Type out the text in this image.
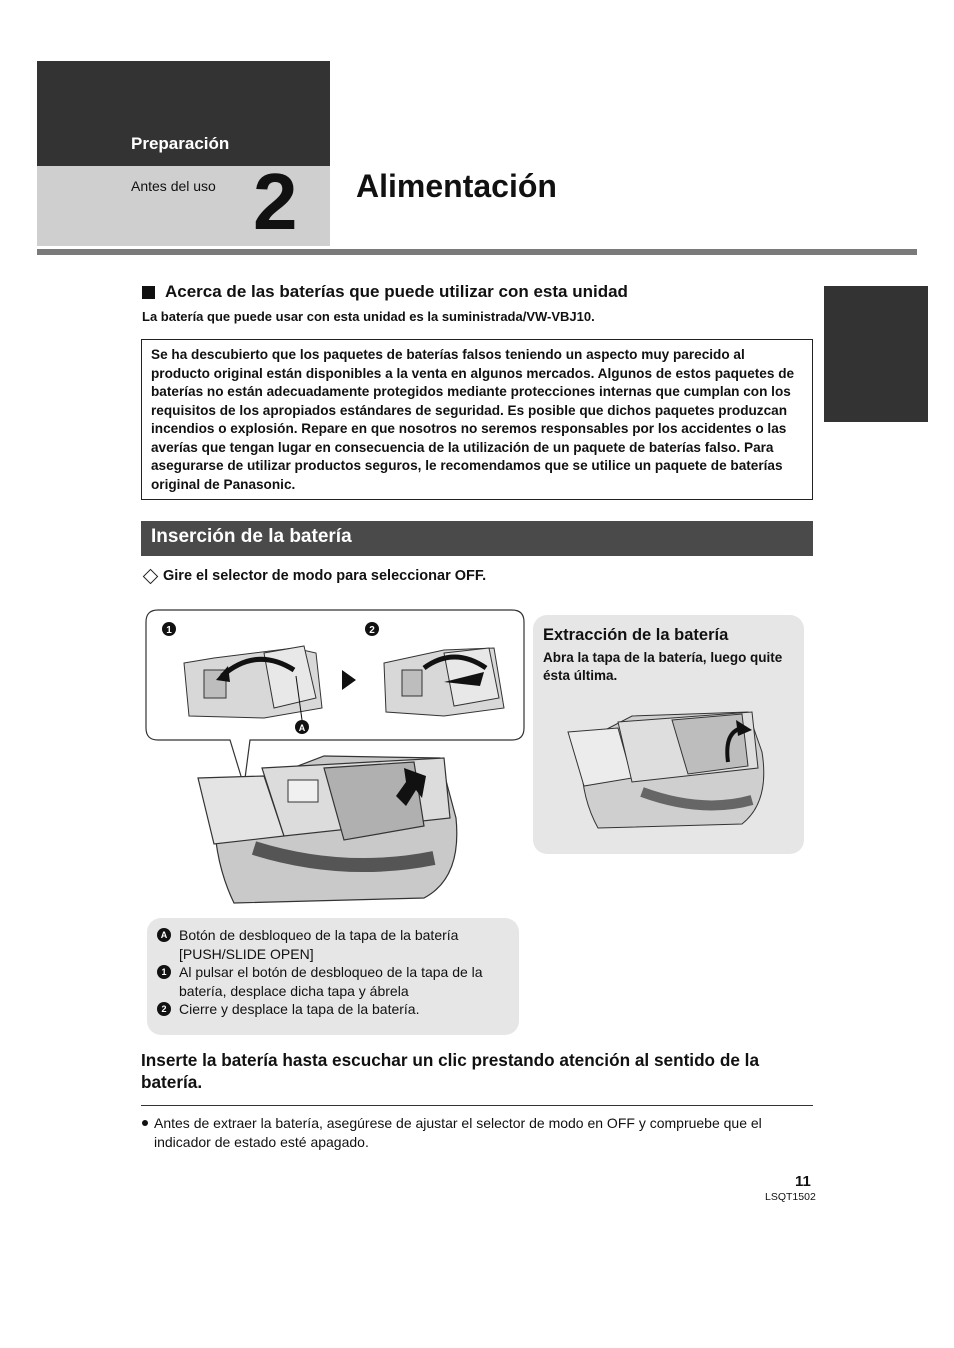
Preparación
Antes del uso 2 Alimentación
Acerca de las baterías que puede utilizar con esta unidad
La batería que puede usar con esta unidad es la suministrada/VW-VBJ10.
Se ha descubierto que los paquetes de baterías falsos teniendo un aspecto muy parecido al producto original están disponibles a la venta en algunos mercados. Algunos de estos paquetes de baterías no están adecuadamente protegidos mediante protecciones internas que cumplan con los requisitos de los apropiados estándares de seguridad. Es posible que dichos paquetes produzcan incendios o explosión. Repare en que nosotros no seremos responsables por los accidentes o las averías que tengan lugar en consecuencia de la utilización de un paquete de baterías falso. Para asegurarse de utilizar productos seguros, le recomendamos que se utilice un paquete de baterías original de Panasonic.
Inserción de la batería
Gire el selector de modo para seleccionar OFF.
1	2
A
Extracción de la batería
Abra la tapa de la batería, luego quite ésta última.
A Botón de desbloqueo de la tapa de la batería [PUSH/SLIDE OPEN]
1 Al pulsar el botón de desbloqueo de la tapa de la batería, desplace dicha tapa y ábrela
2 Cierre y desplace la tapa de la batería.
Inserte la batería hasta escuchar un clic prestando atención al sentido de la batería.
Antes de extraer la batería, asegúrese de ajustar el selector de modo en OFF y compruebe que el indicador de estado esté apagado.
11
LSQT1502
